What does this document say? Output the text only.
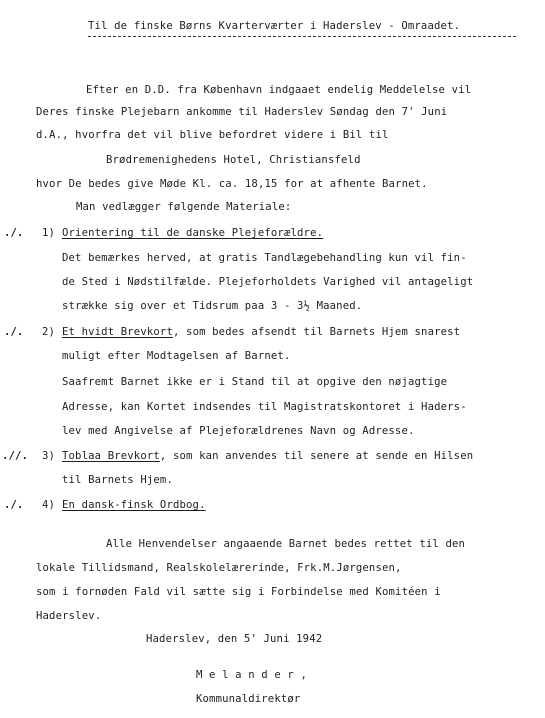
Til de finske Børns Kvarterværter i Haderslev - Omraadet.
Efter en D.D. fra København indgaaet endelig Meddelelse vil
Deres finske Plejebarn ankomme til Haderslev Søndag den 7' Juni
d.A., hvorfra det vil blive befordret videre i Bil til
Brødremenighedens Hotel, Christiansfeld
hvor De bedes give Møde Kl. ca. 18,15 for at afhente Barnet.
Man vedlægger følgende Materiale:
./. 1) Orientering til de danske Plejeforældre.
Det bemærkes herved, at gratis Tandlægebehandling kun vil fin-
de Sted i Nødstilfælde. Plejeforholdets Varighed vil antageligt
strække sig over et Tidsrum paa 3 - 3½ Maaned.
./. 2) Et hvidt Brevkort, som bedes afsendt til Barnets Hjem snarest
muligt efter Modtagelsen af Barnet.
Saafremt Barnet ikke er i Stand til at opgive den nøjagtige
Adresse, kan Kortet indsendes til Magistratskontoret i Haders-
lev med Angivelse af Plejeforældrenes Navn og Adresse.
.//. 3) Toblaa Brevkort, som kan anvendes til senere at sende en Hilsen
til Barnets Hjem.
./. 4) En dansk-finsk Ordbog.
Alle Henvendelser angaaende Barnet bedes rettet til den
lokale Tillidsmand, Realskolelærerinde, Frk.M.Jørgensen,
som i fornøden Fald vil sætte sig i Forbindelse med Komitéen i
Haderslev.
Haderslev, den 5' Juni 1942
M e l a n d e r ,
Kommunaldirektør
